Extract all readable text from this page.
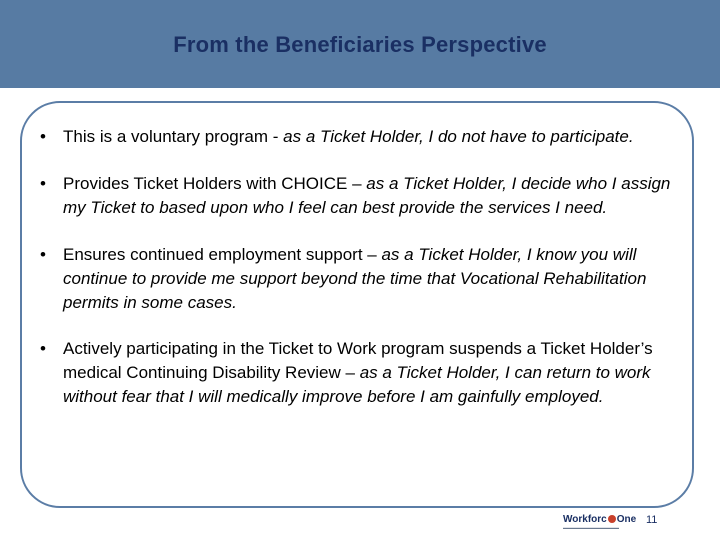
From the Beneficiaries Perspective
• This is a voluntary program - as a Ticket Holder, I do not have to participate.
• Provides Ticket Holders with CHOICE – as a Ticket Holder, I decide who I assign my Ticket to based upon who I feel can best provide the services I need.
• Ensures continued employment support – as a Ticket Holder, I know you will continue to provide me support beyond the time that Vocational Rehabilitation permits in some cases.
• Actively participating in the Ticket to Work program suspends a Ticket Holder’s medical Continuing Disability Review – as a Ticket Holder, I can return to work without fear that I will medically improve before I am gainfully employed.
Workforc One
▬▬▬▬▬▬▬▬▬▬▬▬▬▬
11
